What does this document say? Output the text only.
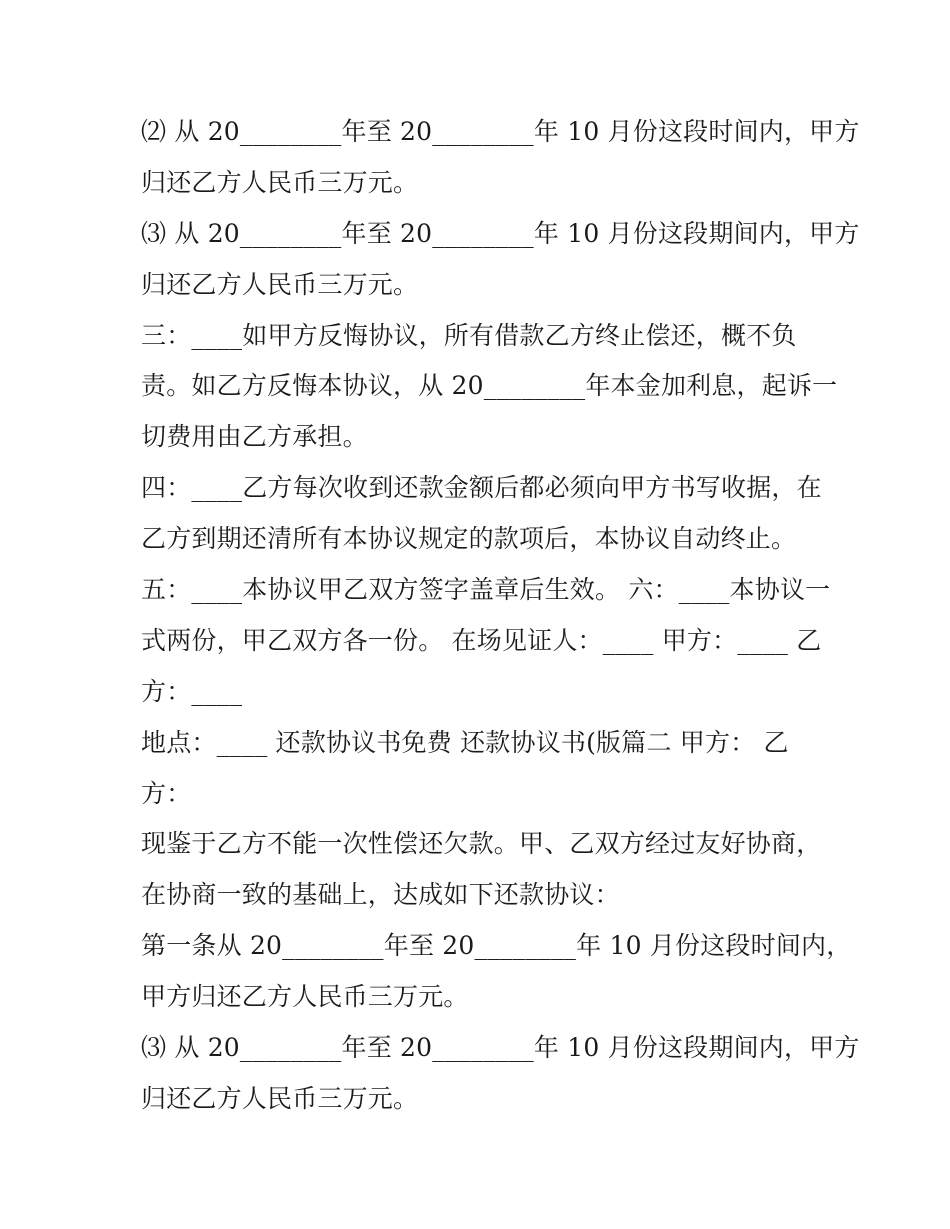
⑵ 从 20________年至 20________年 10 月份这段时间内，甲方
归还乙方人民币三万元。
⑶ 从 20________年至 20________年 10 月份这段期间内，甲方
归还乙方人民币三万元。
三：____如甲方反悔协议，所有借款乙方终止偿还，概不负
责。如乙方反悔本协议，从 20________年本金加利息，起诉一
切费用由乙方承担。
四：____乙方每次收到还款金额后都必须向甲方书写收据，在
乙方到期还清所有本协议规定的款项后，本协议自动终止。
五：____本协议甲乙双方签字盖章后生效。 六：____本协议一
式两份，甲乙双方各一份。 在场见证人：____ 甲方：____ 乙
方：____
地点：____ 还款协议书免费 还款协议书(版篇二 甲方： 乙
方：
现鉴于乙方不能一次性偿还欠款。甲、乙双方经过友好协商，
在协商一致的基础上，达成如下还款协议：
第一条从 20________年至 20________年 10 月份这段时间内，
甲方归还乙方人民币三万元。
⑶ 从 20________年至 20________年 10 月份这段期间内，甲方
归还乙方人民币三万元。
